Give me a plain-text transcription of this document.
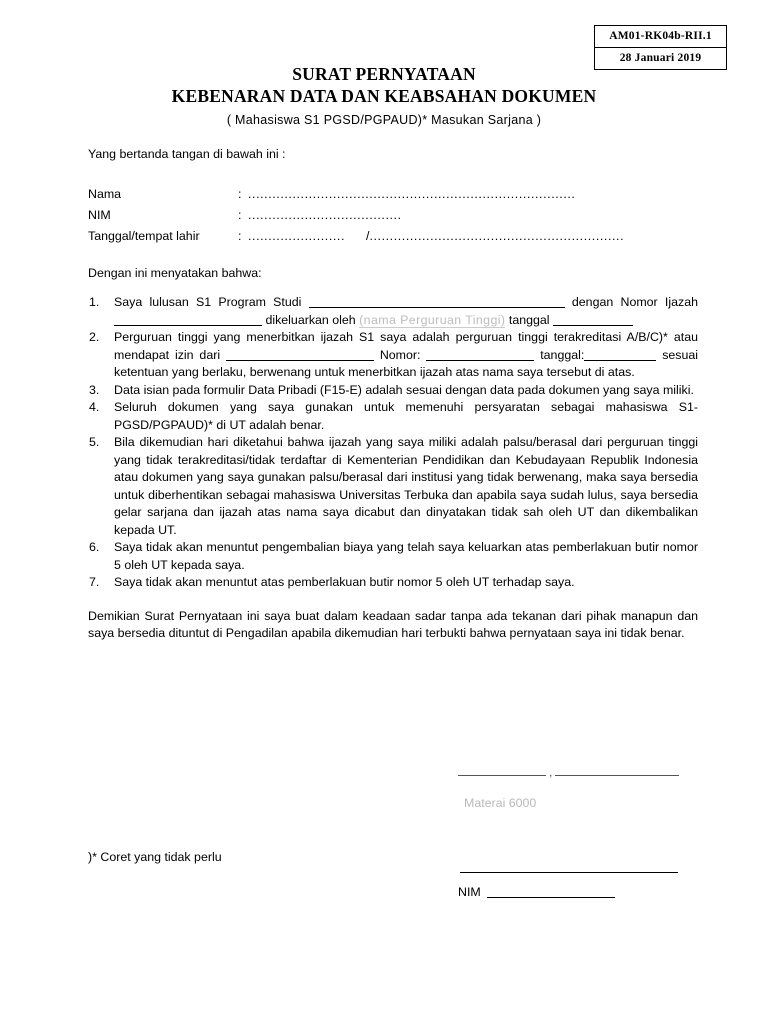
AM01-RK04b-RII.1
28 Januari 2019
SURAT PERNYATAAN
KEBENARAN DATA DAN KEABSAHAN DOKUMEN
( Mahasiswa S1 PGSD/PGPAUD)* Masukan Sarjana )

Yang bertanda tangan di bawah ini :

Nama	: .................................................................................
NIM	: ......................................
Tanggal/tempat lahir	: ........................	/ ...............................................................

Dengan ini menyatakan bahwa:

Saya lulusan S1 Program Studi	dengan Nomor Ijazah dikeluarkan oleh (nama Perguruan Tinggi) tanggal
Perguruan tinggi yang menerbitkan ijazah S1 saya adalah perguruan tinggi terakreditasi A/B/C)* atau mendapat izin dari	Nomor:	tanggal:	sesuai ketentuan yang berlaku, berwenang untuk menerbitkan ijazah atas nama saya tersebut di atas.
Data isian pada formulir Data Pribadi (F15-E) adalah sesuai dengan data pada dokumen yang saya miliki.
Seluruh dokumen yang saya gunakan untuk memenuhi persyaratan sebagai mahasiswa S1-PGSD/PGPAUD)* di UT adalah benar.
Bila dikemudian hari diketahui bahwa ijazah yang saya miliki adalah palsu/berasal dari perguruan tinggi yang tidak terakreditasi/tidak terdaftar di Kementerian Pendidikan dan Kebudayaan Republik Indonesia atau dokumen yang saya gunakan palsu/berasal dari institusi yang tidak berwenang, maka saya bersedia untuk diberhentikan sebagai mahasiswa Universitas Terbuka dan apabila saya sudah lulus, saya bersedia gelar sarjana dan ijazah atas nama saya dicabut dan dinyatakan tidak sah oleh UT dan dikembalikan kepada UT.
Saya tidak akan menuntut pengembalian biaya yang telah saya keluarkan atas pemberlakuan butir nomor 5 oleh UT kepada saya.
Saya tidak akan menuntut atas pemberlakuan butir nomor 5 oleh UT terhadap saya.

Demikian Surat Pernyataan ini saya buat dalam keadaan sadar tanpa ada tekanan dari pihak manapun dan saya bersedia dituntut di Pengadilan apabila dikemudian hari terbukti bahwa pernyataan saya ini tidak benar.

,
Materai 6000
)* Coret yang tidak perlu
NIM
